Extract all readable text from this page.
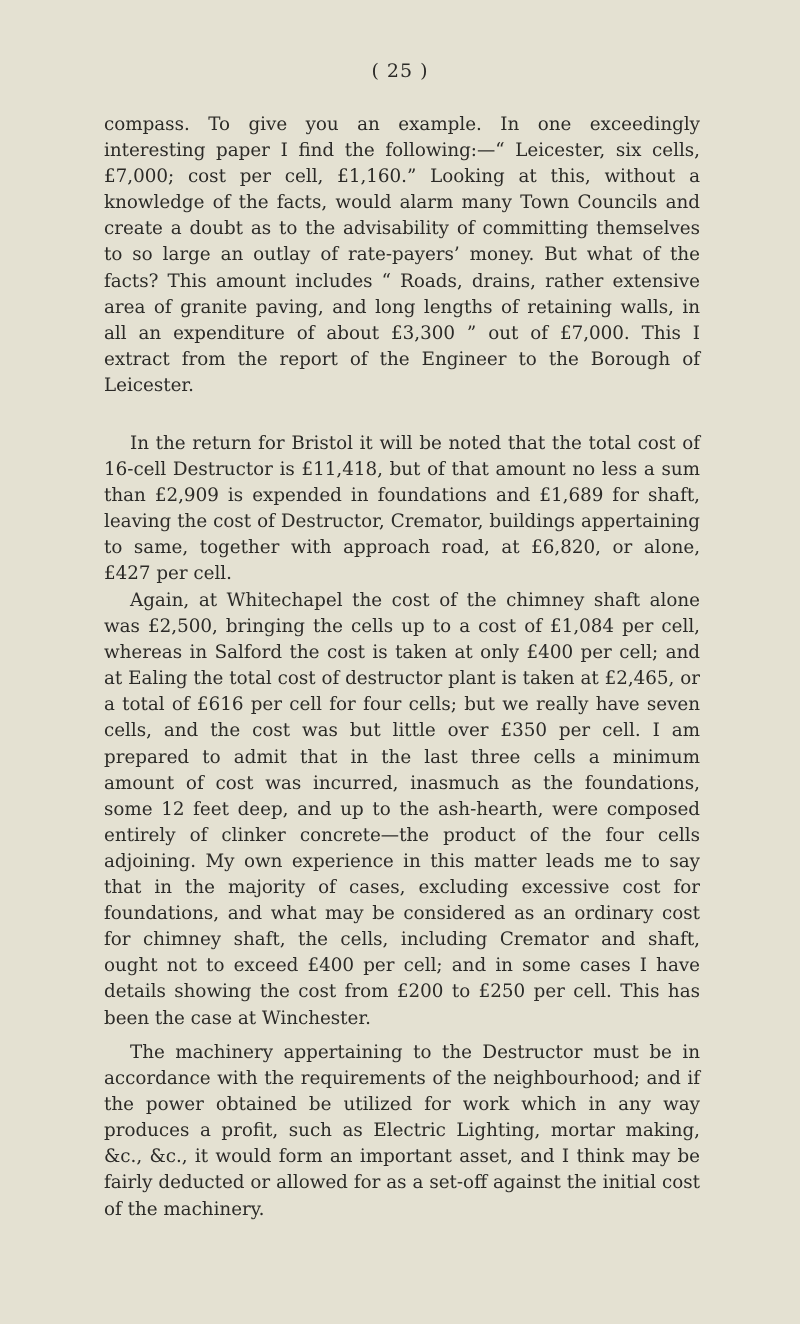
( 25 )

compass. To give you an example. In one exceedingly interesting paper I find the following:—“ Leicester, six cells, £7,000; cost per cell, £1,160.” Looking at this, without a knowledge of the facts, would alarm many Town Councils and create a doubt as to the advisability of committing themselves to so large an outlay of rate-payers’ money. But what of the facts? This amount includes “ Roads, drains, rather extensive area of granite paving, and long lengths of retaining walls, in all an expenditure of about £3,300 ” out of £7,000. This I extract from the report of the Engineer to the Borough of Leicester.

In the return for Bristol it will be noted that the total cost of 16-cell Destructor is £11,418, but of that amount no less a sum than £2,909 is expended in foundations and £1,689 for shaft, leaving the cost of Destructor, Cremator, buildings appertaining to same, together with approach road, at £6,820, or alone, £427 per cell.

Again, at Whitechapel the cost of the chimney shaft alone was £2,500, bringing the cells up to a cost of £1,084 per cell, whereas in Salford the cost is taken at only £400 per cell; and at Ealing the total cost of destructor plant is taken at £2,465, or a total of £616 per cell for four cells; but we really have seven cells, and the cost was but little over £350 per cell. I am prepared to admit that in the last three cells a minimum amount of cost was incurred, inasmuch as the foundations, some 12 feet deep, and up to the ash-hearth, were composed entirely of clinker concrete—the product of the four cells adjoining. My own experience in this matter leads me to say that in the majority of cases, excluding excessive cost for foundations, and what may be considered as an ordinary cost for chimney shaft, the cells, including Cremator and shaft, ought not to exceed £400 per cell; and in some cases I have details showing the cost from £200 to £250 per cell. This has been the case at Winchester.

The machinery appertaining to the Destructor must be in accordance with the requirements of the neighbourhood; and if the power obtained be utilized for work which in any way produces a profit, such as Electric Lighting, mortar making, &c., &c., it would form an important asset, and I think may be fairly deducted or allowed for as a set-off against the initial cost of the machinery.
